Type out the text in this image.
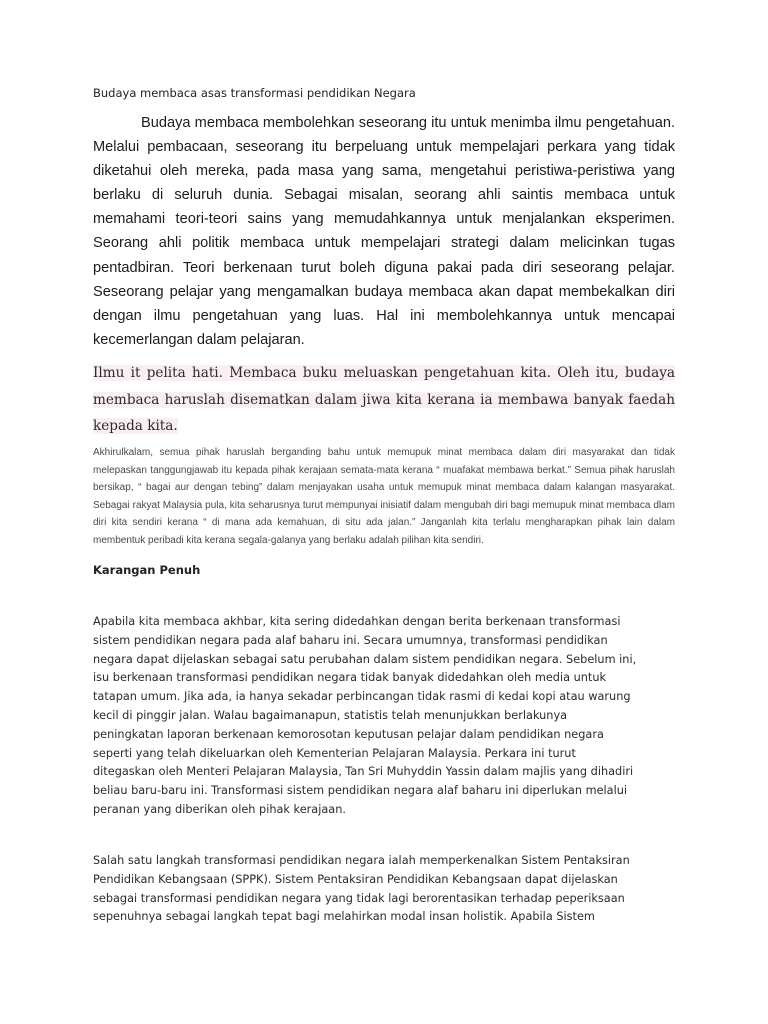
Budaya membaca asas transformasi pendidikan Negara

Budaya membaca membolehkan seseorang itu untuk menimba ilmu pengetahuan. Melalui pembacaan, seseorang itu berpeluang untuk mempelajari perkara yang tidak diketahui oleh mereka, pada masa yang sama, mengetahui peristiwa-peristiwa yang berlaku di seluruh dunia. Sebagai misalan, seorang ahli saintis membaca untuk memahami teori-teori sains yang memudahkannya untuk menjalankan eksperimen. Seorang ahli politik membaca untuk mempelajari strategi dalam melicinkan tugas pentadbiran. Teori berkenaan turut boleh diguna pakai pada diri seseorang pelajar. Seseorang pelajar yang mengamalkan budaya membaca akan dapat membekalkan diri dengan ilmu pengetahuan yang luas. Hal ini membolehkannya untuk mencapai kecemerlangan dalam pelajaran.

Ilmu it pelita hati. Membaca buku meluaskan pengetahuan kita. Oleh itu, budaya membaca haruslah disematkan dalam jiwa kita kerana ia membawa banyak faedah kepada kita.

Akhirulkalam, semua pihak haruslah berganding bahu untuk memupuk minat membaca dalam diri masyarakat dan tidak melepaskan tanggungjawab itu kepada pihak kerajaan semata-mata kerana “ muafakat membawa berkat.” Semua pihak haruslah bersikap, “ bagai aur dengan tebing” dalam menjayakan usaha untuk memupuk minat membaca dalam kalangan masyarakat. Sebagai rakyat Malaysia pula, kita seharusnya turut mempunyai inisiatif dalam mengubah diri bagi memupuk minat membaca dlam diri kita sendiri kerana “ di mana ada kemahuan, di situ ada jalan.” Janganlah kita terlalu mengharapkan pihak lain dalam membentuk peribadi kita kerana segala-galanya yang berlaku adalah pilihan kita sendiri.

Karangan Penuh

Apabila kita membaca akhbar, kita sering didedahkan dengan berita berkenaan transformasi
sistem pendidikan negara pada alaf baharu ini. Secara umumnya, transformasi pendidikan
negara dapat dijelaskan sebagai satu perubahan dalam sistem pendidikan negara. Sebelum ini,
isu berkenaan transformasi pendidikan negara tidak banyak didedahkan oleh media untuk
tatapan umum. Jika ada, ia hanya sekadar perbincangan tidak rasmi di kedai kopi atau warung
kecil di pinggir jalan. Walau bagaimanapun, statistis telah menunjukkan berlakunya
peningkatan laporan berkenaan kemorosotan keputusan pelajar dalam pendidikan negara
seperti yang telah dikeluarkan oleh Kementerian Pelajaran Malaysia. Perkara ini turut
ditegaskan oleh Menteri Pelajaran Malaysia, Tan Sri Muhyddin Yassin dalam majlis yang dihadiri
beliau baru-baru ini. Transformasi sistem pendidikan negara alaf baharu ini diperlukan melalui
peranan yang diberikan oleh pihak kerajaan.

Salah satu langkah transformasi pendidikan negara ialah memperkenalkan Sistem Pentaksiran
Pendidikan Kebangsaan (SPPK). Sistem Pentaksiran Pendidikan Kebangsaan dapat dijelaskan
sebagai transformasi pendidikan negara yang tidak lagi berorentasikan terhadap peperiksaan
sepenuhnya sebagai langkah tepat bagi melahirkan modal insan holistik. Apabila Sistem
